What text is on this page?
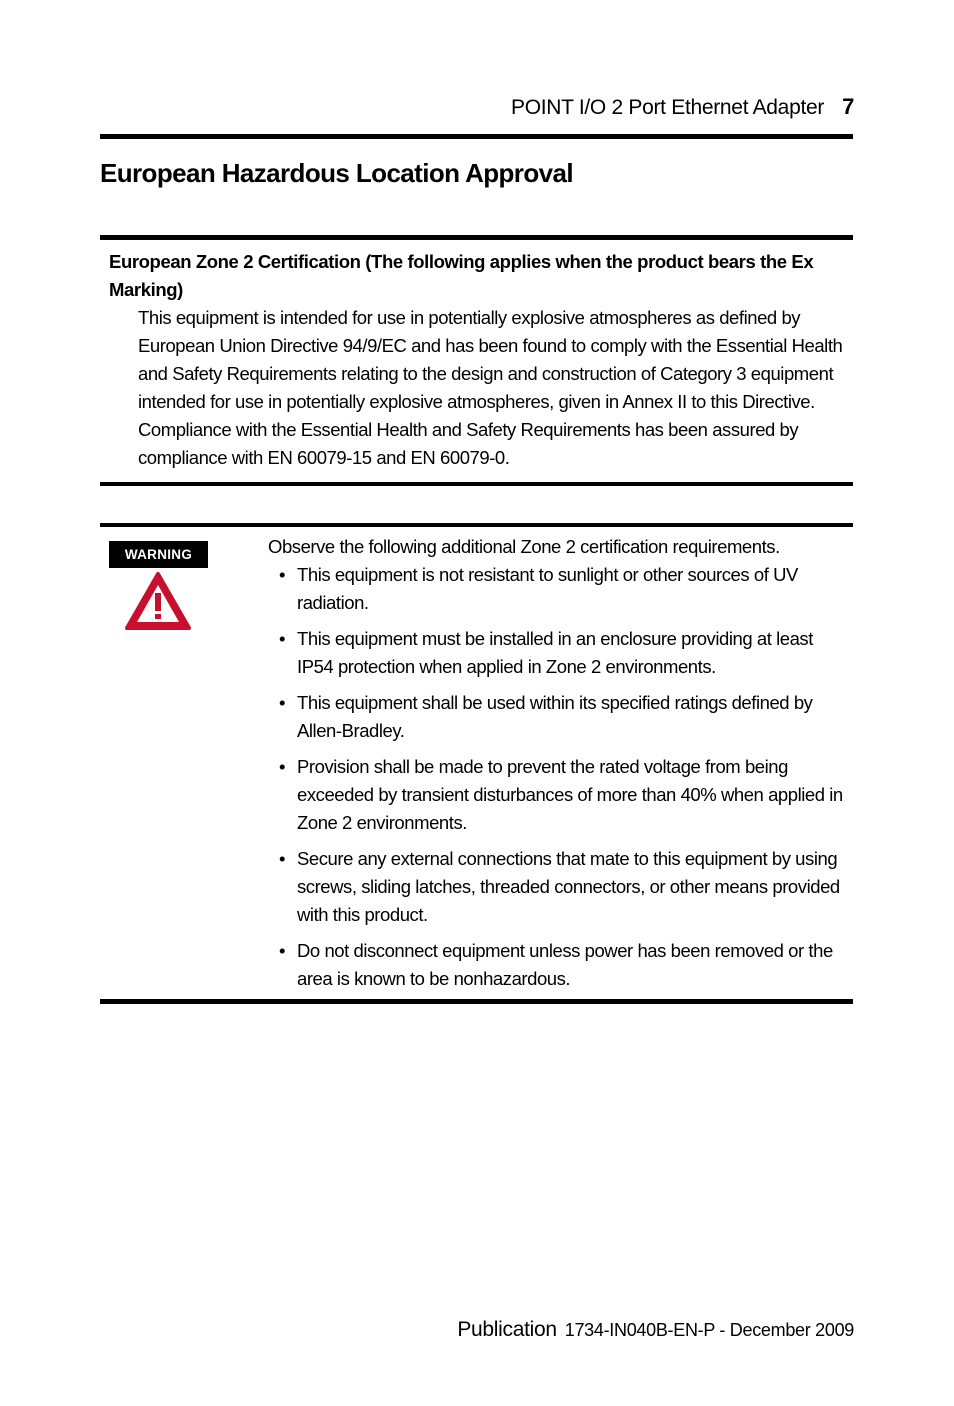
POINT I/O 2 Port Ethernet Adapter 7
European Hazardous Location Approval
European Zone 2 Certification (The following applies when the product bears the Ex Marking)
This equipment is intended for use in potentially explosive atmospheres as defined by European Union Directive 94/9/EC and has been found to comply with the Essential Health and Safety Requirements relating to the design and construction of Category 3 equipment intended for use in potentially explosive atmospheres, given in Annex II to this Directive. Compliance with the Essential Health and Safety Requirements has been assured by compliance with EN 60079-15 and EN 60079-0.
WARNING	Observe the following additional Zone 2 certification requirements.

• This equipment is not resistant to sunlight or other sources of UV radiation.
• This equipment must be installed in an enclosure providing at least IP54 protection when applied in Zone 2 environments.
• This equipment shall be used within its specified ratings defined by Allen-Bradley.
• Provision shall be made to prevent the rated voltage from being exceeded by transient disturbances of more than 40% when applied in Zone 2 environments.
• Secure any external connections that mate to this equipment by using screws, sliding latches, threaded connectors, or other means provided with this product.
• Do not disconnect equipment unless power has been removed or the area is known to be nonhazardous.
Publication 1734-IN040B-EN-P - December 2009
